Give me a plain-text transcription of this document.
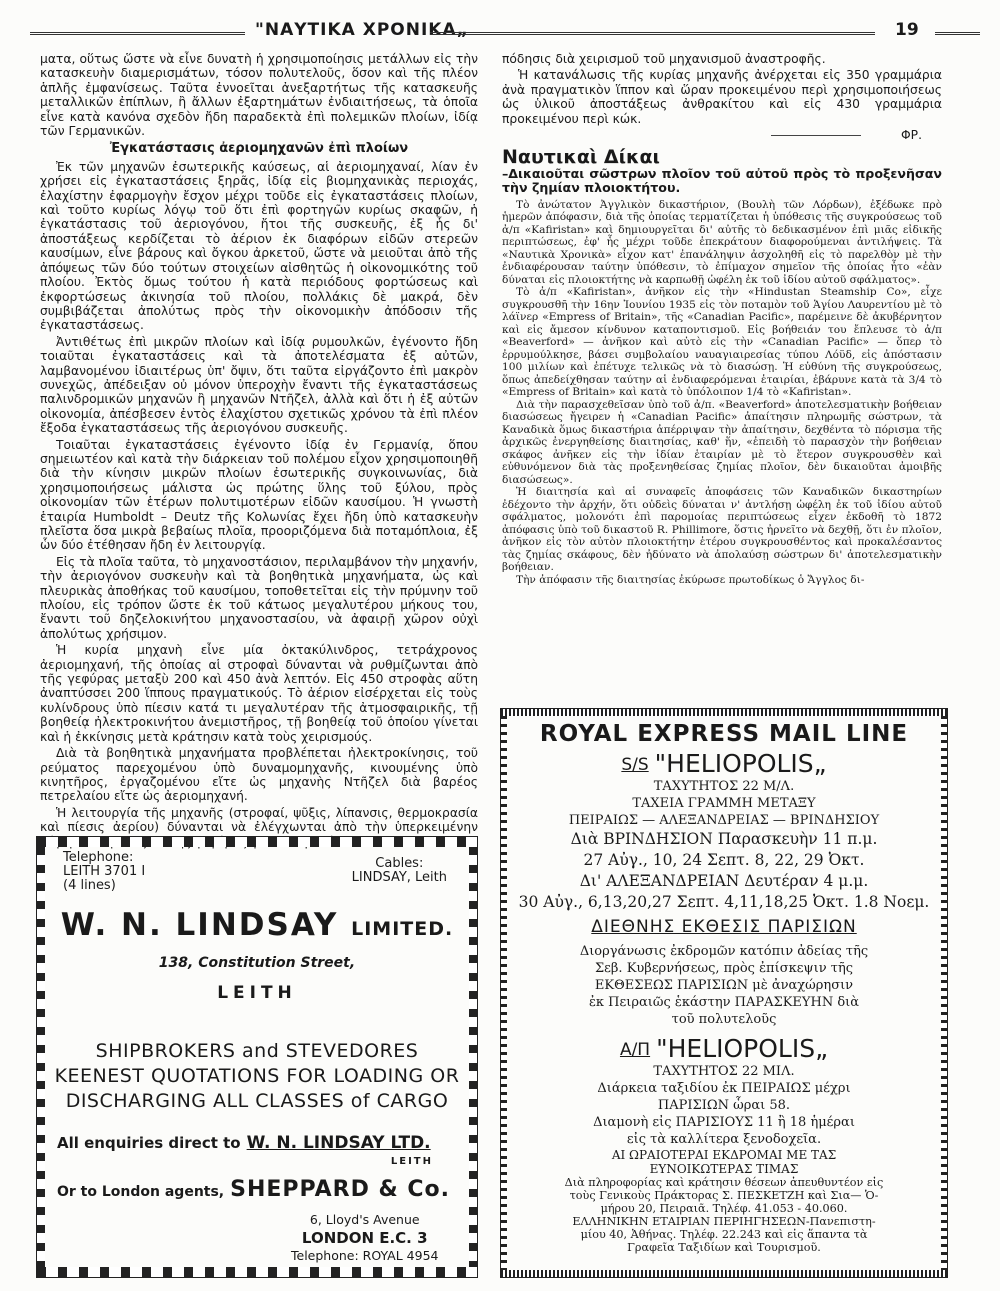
"ΝΑΥΤΙΚΑ ΧΡΟΝΙΚΑ„	19

ματα, οὕτως ὥστε νὰ εἶνε δυνατὴ ἡ χρησιμοποίησις μετάλλων εἰς τὴν κατασκευὴν διαμερισμάτων, τόσον πολυτελοῦς, ὅσον καὶ τῆς πλέον ἁπλῆς ἐμφανίσεως. Ταῦτα ἐννοεῖται ἀνεξαρτήτως τῆς κατασκευῆς μεταλλικῶν ἐπίπλων, ἢ ἄλλων ἐξαρτημάτων ἐνδιαιτήσεως, τὰ ὁποῖα εἶνε κατὰ κανόνα σχεδὸν ἤδη παραδεκτὰ ἐπὶ πολεμικῶν πλοίων, ἰδίᾳ τῶν Γερμανικῶν.

Ἐγκατάστασις ἀεριομηχανῶν ἐπὶ πλοίων

Ἐκ τῶν μηχανῶν ἐσωτερικῆς καύσεως, αἱ ἀεριομηχαναί, λίαν ἐν χρήσει εἰς ἐγκαταστάσεις ξηρᾶς, ἰδίᾳ εἰς βιομηχανικὰς περιοχάς, ἐλαχίστην ἐφαρμογὴν ἔσχον μέχρι τοῦδε εἰς ἐγκαταστάσεις πλοίων, καὶ τοῦτο κυρίως λόγῳ τοῦ ὅτι ἐπὶ φορτηγῶν κυρίως σκαφῶν, ἡ ἐγκατάστασις τοῦ ἀεριογόνου, ἤτοι τῆς συσκευῆς, ἐξ ἧς δι' ἀποστάξεως κερδίζεται τὸ ἀέριον ἐκ διαφόρων εἰδῶν στερεῶν καυσίμων, εἶνε βάρους καὶ ὄγκου ἀρκετοῦ, ὥστε νὰ μειοῦται ἀπὸ τῆς ἀπόψεως τῶν δύο τούτων στοιχείων αἰσθητῶς ἡ οἰκονομικότης τοῦ πλοίου. Ἐκτὸς ὅμως τούτου ἡ κατὰ περιόδους φορτώσεως καὶ ἐκφορτώσεως ἀκινησία τοῦ πλοίου, πολλάκις δὲ μακρά, δὲν συμβιβάζεται ἀπολύτως πρὸς τὴν οἰκονομικὴν ἀπόδοσιν τῆς ἐγκαταστάσεως.

Ἀντιθέτως ἐπὶ μικρῶν πλοίων καὶ ἰδίᾳ ρυμουλκῶν, ἐγένοντο ἤδη τοιαῦται ἐγκαταστάσεις καὶ τὰ ἀποτελέσματα ἐξ αὐτῶν, λαμβανομένου ἰδιαιτέρως ὑπ' ὄψιν, ὅτι ταῦτα εἰργάζοντο ἐπὶ μακρὸν συνεχῶς, ἀπέδειξαν οὐ μόνον ὑπεροχὴν ἔναντι τῆς ἐγκαταστάσεως παλινδρομικῶν μηχανῶν ἢ μηχανῶν Ντῆζελ, ἀλλὰ καὶ ὅτι ἡ ἐξ αὐτῶν οἰκονομία, ἀπέσβεσεν ἐντὸς ἐλαχίστου σχετικῶς χρόνου τὰ ἐπὶ πλέον ἔξοδα ἐγκαταστάσεως τῆς ἀεριογόνου συσκευῆς.

Τοιαῦται ἐγκαταστάσεις ἐγένοντο ἰδίᾳ ἐν Γερμανίᾳ, ὅπου σημειωτέον καὶ κατὰ τὴν διάρκειαν τοῦ πολέμου εἶχον χρησιμοποιηθῆ διὰ τὴν κίνησιν μικρῶν πλοίων ἐσωτερικῆς συγκοινωνίας, διὰ χρησιμοποιήσεως μάλιστα ὡς πρώτης ὕλης τοῦ ξύλου, πρὸς οἰκονομίαν τῶν ἑτέρων πολυτιμοτέρων εἰδῶν καυσίμου. Ἡ γνωστὴ ἑταιρία Humboldt – Deutz τῆς Κολωνίας ἔχει ἤδη ὑπὸ κατασκευὴν πλεῖστα ὅσα μικρὰ βεβαίως πλοῖα, προοριζόμενα διὰ ποταμόπλοια, ἐξ ὧν δύο ἐτέθησαν ἤδη ἐν λειτουργίᾳ.

Εἰς τὰ πλοῖα ταῦτα, τὸ μηχανοστάσιον, περιλαμβάνον τὴν μηχανήν, τὴν ἀεριογόνον συσκευὴν καὶ τὰ βοηθητικὰ μηχανήματα, ὡς καὶ πλευρικὰς ἀποθήκας τοῦ καυσίμου, τοποθετεῖται εἰς τὴν πρύμνην τοῦ πλοίου, εἰς τρόπον ὥστε ἐκ τοῦ κάτωος μεγαλυτέρου μήκους του, ἔναντι τοῦ δηζελοκινήτου μηχανοστασίου, νὰ ἀφαιρῇ χῶρον οὐχὶ ἀπολύτως χρήσιμον.

Ἡ κυρία μηχανὴ εἶνε μία ὀκτακύλινδρος, τετράχρονος ἀεριομηχανή, τῆς ὁποίας αἱ στροφαὶ δύνανται νὰ ρυθμίζωνται ἀπὸ τῆς γεφύρας μεταξὺ 200 καὶ 450 ἀνὰ λεπτόν. Εἰς 450 στροφὰς αὕτη ἀναπτύσσει 200 ἵππους πραγματικούς. Τὸ ἀέριον εἰσέρχεται εἰς τοὺς κυλίνδρους ὑπὸ πίεσιν κατά τι μεγαλυτέραν τῆς ἀτμοσφαιρικῆς, τῇ βοηθείᾳ ἠλεκτροκινήτου ἀνεμιστῆρος, τῇ βοηθείᾳ τοῦ ὁποίου γίνεται καὶ ἡ ἐκκίνησις μετὰ κράτησιν κατὰ τοὺς χειρισμούς.

Διὰ τὰ βοηθητικὰ μηχανήματα προβλέπεται ἠλεκτροκίνησις, τοῦ ρεύματος παρεχομένου ὑπὸ δυναμομηχανῆς, κινουμένης ὑπὸ κινητῆρος, ἐργαζομένου εἴτε ὡς μηχανὴς Ντῆζελ διὰ βαρέος πετρελαίου εἴτε ὡς ἀεριομηχανή.

Ἡ λειτουργία τῆς μηχανῆς (στροφαί, ψῦξις, λίπανσις, θερμοκρασία καὶ πίεσις ἀερίου) δύνανται νὰ ἐλέγχωνται ἀπὸ τὴν ὑπερκειμένην

πόδησις διὰ χειρισμοῦ τοῦ μηχανισμοῦ ἀναστροφῆς.

Ἡ κατανάλωσις τῆς κυρίας μηχανῆς ἀνέρχεται εἰς 350 γραμμάρια ἀνὰ πραγματικὸν ἵππον καὶ ὥραν προκειμένου περὶ χρησιμοποιήσεως ὡς ὑλικοῦ ἀποστάξεως ἀνθρακίτου καὶ εἰς 430 γραμμάρια προκειμένου περὶ κώκ.

ΦΡ.
Ναυτικαὶ Δίκαι
–Δικαιοῦται σῶστρων πλοῖον τοῦ αὐτοῦ πρὸς τὸ προξενῆσαν τὴν ζημίαν πλοιοκτήτου.

Τὸ ἀνώτατον Ἀγγλικὸν δικαστήριον, (Βουλὴ τῶν Λόρδων), ἐξέδωκε πρὸ ἡμερῶν ἀπόφασιν, διὰ τῆς ὁποίας τερματίζεται ἡ ὑπόθεσις τῆς συγκρούσεως τοῦ ἀ/π «Kafiristan» καὶ δημιουργεῖται δι' αὐτῆς τὸ δεδικασμένον ἐπὶ μιᾶς εἰδικῆς περιπτώσεως, ἐφ' ἧς μέχρι τοῦδε ἐπεκράτουν διαφορούμεναι ἀντιλήψεις. Τὰ «Ναυτικὰ Χρονικὰ» εἶχον κατ' ἐπανάληψιν ἀσχοληθῆ εἰς τὸ παρελθὸν μὲ τὴν ἐνδιαφέρουσαν ταύτην ὑπόθεσιν, τὸ ἐπίμαχον σημεῖον τῆς ὁποίας ἦτο «ἐὰν δύναται εἰς πλοιοκτήτης νὰ καρπωθῇ ὠφέλη ἐκ τοῦ ἰδίου αὐτοῦ σφάλματος».

Τὸ ἀ/π «Kafiristan», ἀνῆκον εἰς τὴν «Hindustan Steamship Co», εἶχε συγκρουσθῆ τὴν 16ην Ἰουνίου 1935 εἰς τὸν ποταμὸν τοῦ Ἁγίου Λαυρεντίου μὲ τὸ λάϊνερ «Empress of Britain», τῆς «Canadian Pacific», παρέμεινε δὲ ἀκυβέρνητον καὶ εἰς ἄμεσον κίνδυνον καταποντισμοῦ. Εἰς βοήθειάν του ἔπλευσε τὸ ἀ/π «Beaverford» — ἀνῆκον καὶ αὐτὸ εἰς τὴν «Canadian Pacific» — ὅπερ τὸ ἐρρυμούλκησε, βάσει συμβολαίου ναυαγιαιρεσίας τύπου Λόϋδ, εἰς ἀπόστασιν 100 μιλίων καὶ ἐπέτυχε τελικῶς νὰ τὸ διασώσῃ. Ἡ εὐθύνη τῆς συγκρούσεως, ὅπως ἀπεδείχθησαν ταύτην αἱ ἐνδιαφερόμεναι ἑταιρίαι, ἐβάρυνε κατὰ τὰ 3/4 τὸ «Empress of Britain» καὶ κατὰ τὸ ὑπόλοιπον 1/4 τὸ «Kafiristan».

Διὰ τὴν παρασχεθεῖσαν ὑπὸ τοῦ ἀ/π. «Beaverford» ἀποτελεσματικὴν βοήθειαν διασώσεως ἤγειρεν ἡ «Canadian Pacific» ἀπαίτησιν πληρωμῆς σώστρων, τὰ Καναδικὰ ὅμως δικαστήρια ἀπέρριψαν τὴν ἀπαίτησιν, δεχθέντα τὸ πόρισμα τῆς ἀρχικῶς ἐνεργηθείσης διαιτησίας, καθ' ἥν, «ἐπειδὴ τὸ παρασχὸν τὴν βοήθειαν σκάφος ἀνῆκεν εἰς τὴν ἰδίαν ἑταιρίαν μὲ τὸ ἕτερον συγκρουσθὲν καὶ εὐθυνόμενον διὰ τὰς προξενηθείσας ζημίας πλοῖον, δὲν δικαιοῦται ἀμοιβῆς διασώσεως».

Ἡ διαιτησία καὶ αἱ συναφεῖς ἀποφάσεις τῶν Καναδικῶν δικαστηρίων ἐδέχοντο τὴν ἀρχήν, ὅτι οὐδεὶς δύναται ν' ἀντλήσῃ ὠφέλη ἐκ τοῦ ἰδίου αὐτοῦ σφάλματος, μολονότι ἐπὶ παρομοίας περιπτώσεως εἶχεν ἐκδοθῆ τὸ 1872 ἀπόφασις ὑπὸ τοῦ δικαστοῦ R. Phillimore, ὅστις ἠρνεῖτο νὰ δεχθῇ, ὅτι ἐν πλοῖον, ἀνῆκον εἰς τὸν αὐτὸν πλοιοκτήτην ἑτέρου συγκρουσθέντος καὶ προκαλέσαντος τὰς ζημίας σκάφους, δὲν ἠδύνατο νὰ ἀπολαύσῃ σώστρων δι' ἀποτελεσματικὴν βοήθειαν.

Τὴν ἀπόφασιν τῆς διαιτησίας ἐκύρωσε πρωτοδίκως ὁ Ἄγγλος δι-

Telephone:
LEITH 3701 I
(4 lines)
Cables:
LINDSAY, Leith
W. N. LINDSAY LIMITED.
138, Constitution Street,
LEITH
SHIPBROKERS and STEVEDORES
KEENEST QUOTATIONS FOR LOADING OR
DISCHARGING ALL CLASSES of CARGO
All enquiries direct to W. N. LINDSAY LTD.
LEITH
Or to London agents, SHEPPARD & Co.
6, Lloyd's Avenue
LONDON E.C. 3
Telephone: ROYAL 4954
ROYAL EXPRESS MAIL LINE
S/S "HELIOPOLIS„
ΤΑΧΥΤΗΤΟΣ 22 Μ/Λ.
ΤΑΧΕΙΑ ΓΡΑΜΜΗ ΜΕΤΑΞΥ
ΠΕΙΡΑΙΩΣ — ΑΛΕΞΑΝΔΡΕΙΑΣ — ΒΡΙΝΔΗΣΙΟΥ
Διὰ ΒΡΙΝΔΗΣΙΟΝ Παρασκευὴν 11 π.μ.
27 Αὐγ., 10, 24 Σεπτ. 8, 22, 29 Ὀκτ.
Δι' ΑΛΕΞΑΝΔΡΕΙΑΝ Δευτέραν 4 μ.μ.
30 Αὐγ., 6,13,20,27 Σεπτ. 4,11,18,25 Ὀκτ. 1.8 Νοεμ.
ΔΙΕΘΝΗΣ ΕΚΘΕΣΙΣ ΠΑΡΙΣΙΩΝ
Διοργάνωσις ἐκδρομῶν κατόπιν ἀδείας τῆς
Σεβ. Κυβερνήσεως, πρὸς ἐπίσκεψιν τῆς
ΕΚΘΕΣΕΩΣ ΠΑΡΙΣΙΩΝ μὲ ἀναχώρησιν
ἐκ Πειραιῶς ἑκάστην ΠΑΡΑΣΚΕΥΗΝ διὰ
τοῦ πολυτελοῦς
A/Π "HELIOPOLIS„
ΤΑΧΥΤΗΤΟΣ 22 ΜΙΛ.
Διάρκεια ταξιδίου ἐκ ΠΕΙΡΑΙΩΣ μέχρι
ΠΑΡΙΣΙΩΝ ὧραι 58.
Διαμονὴ εἰς ΠΑΡΙΣΙΟΥΣ 11 ἢ 18 ἡμέραι
εἰς τὰ καλλίτερα ξενοδοχεῖα.
ΑΙ ΩΡΑΙΟΤΕΡΑΙ ΕΚΔΡΟΜΑΙ ΜΕ ΤΑΣ
ΕΥΝΟΙΚΩΤΕΡΑΣ ΤΙΜΑΣ
Διὰ πληροφορίας καὶ κράτησιν θέσεων ἀπευθυντέον εἰς
τοὺς Γενικοὺς Πράκτορας Σ. ΠΕΣΚΕΤΖΗ καὶ Σια— Ὁ-
μήρου 20, Πειραιᾶ. Τηλέφ. 41.053 - 40.060.
ΕΛΛΗΝΙΚΗΝ ΕΤΑΙΡΙΑΝ ΠΕΡΙΗΓΗΣΕΩΝ-Πανεπιστη-
μίου 40, Ἀθήνας. Τηλέφ. 22.243 καὶ εἰς ἅπαντα τὰ
Γραφεῖα Ταξιδίων καὶ Τουρισμοῦ.
